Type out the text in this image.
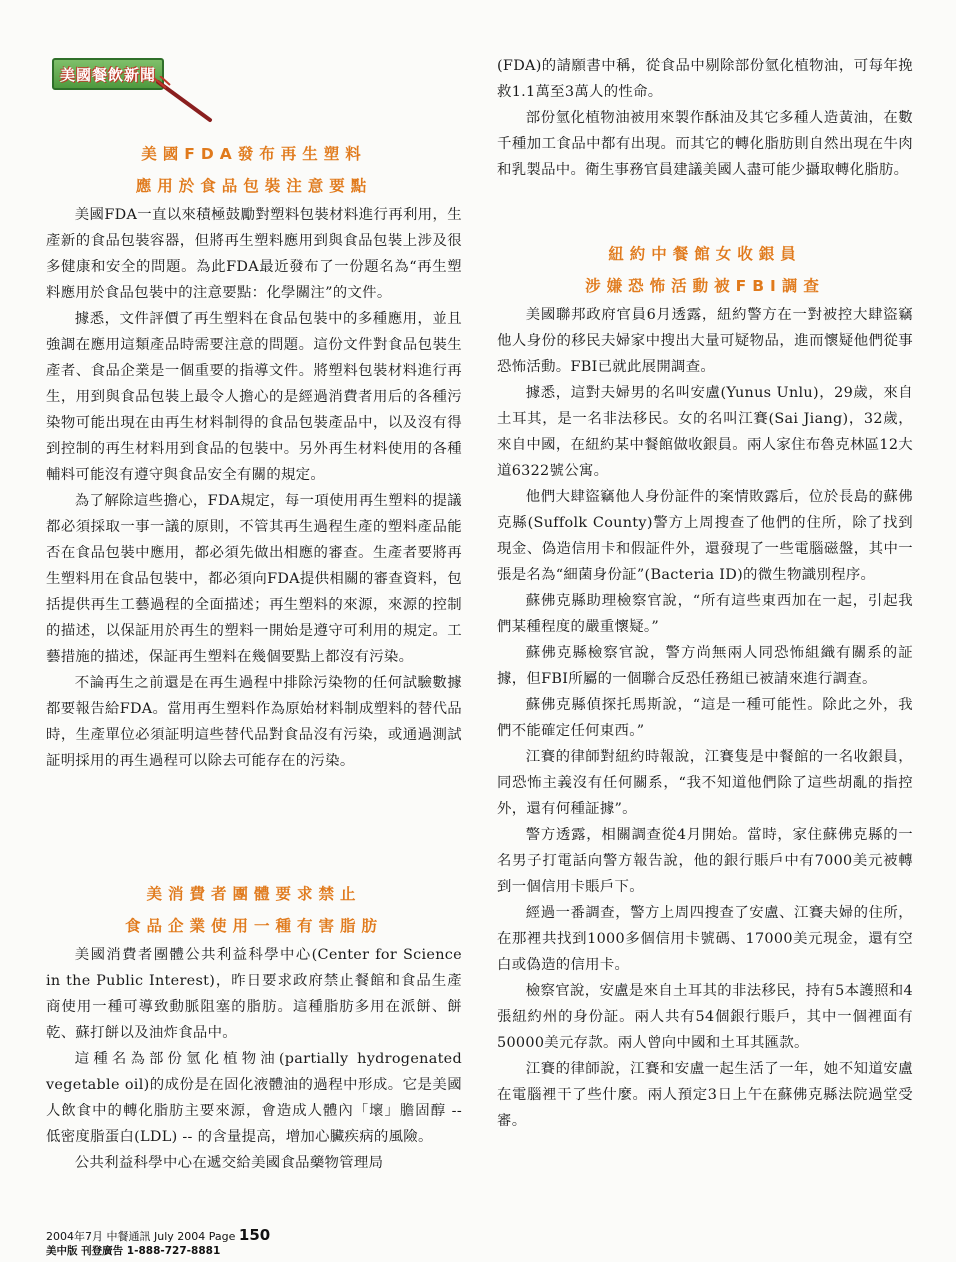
美國餐飲新聞

美國FDA發布再生塑料

應用於食品包裝注意要點

美國FDA一直以來積極鼓勵對塑料包裝材料進行再利用，生產新的食品包裝容器，但將再生塑料應用到與食品包裝上涉及很多健康和安全的問題。為此FDA最近發布了一份題名為“再生塑料應用於食品包裝中的注意要點：化學關注”的文件。

據悉，文件評價了再生塑料在食品包裝中的多種應用，並且強調在應用這類產品時需要注意的問題。這份文件對食品包裝生產者、食品企業是一個重要的指導文件。將塑料包裝材料進行再生，用到與食品包裝上最令人擔心的是經過消費者用后的各種污染物可能出現在由再生材料制得的食品包裝產品中，以及沒有得到控制的再生材料用到食品的包裝中。另外再生材料使用的各種輔料可能沒有遵守與食品安全有關的規定。

為了解除這些擔心，FDA規定，每一項使用再生塑料的提議都必須採取一事一議的原則，不管其再生過程生產的塑料產品能否在食品包裝中應用，都必須先做出相應的審查。生產者要將再生塑料用在食品包裝中，都必須向FDA提供相關的審查資料，包括提供再生工藝過程的全面描述；再生塑料的來源，來源的控制的描述，以保証用於再生的塑料一開始是遵守可利用的規定。工藝措施的描述，保証再生塑料在幾個要點上都沒有污染。

不論再生之前還是在再生過程中排除污染物的任何試驗數據都要報告給FDA。當用再生塑料作為原始材料制成塑料的替代品時，生產單位必須証明這些替代品對食品沒有污染，或通過測試証明採用的再生過程可以除去可能存在的污染。

美消費者團體要求禁止

食品企業使用一種有害脂肪

美國消費者團體公共利益科學中心(Center for Science in the Public Interest)，昨日要求政府禁止餐館和食品生產商使用一種可導致動脈阻塞的脂肪。這種脂肪多用在派餅、餅乾、蘇打餅以及油炸食品中。

這種名為部份氫化植物油(partially hydrogenated vegetable oil)的成份是在固化液體油的過程中形成。它是美國人飲食中的轉化脂肪主要來源，會造成人體內「壞」膽固醇 -- 低密度脂蛋白(LDL) -- 的含量提高，增加心臟疾病的風險。

公共利益科學中心在遞交給美國食品藥物管理局

(FDA)的請願書中稱，從食品中剔除部份氫化植物油，可每年挽救1.1萬至3萬人的性命。

部份氫化植物油被用來製作酥油及其它多種人造黃油，在數千種加工食品中都有出現。而其它的轉化脂肪則自然出現在牛肉和乳製品中。衛生事務官員建議美國人盡可能少攝取轉化脂肪。

紐約中餐館女收銀員

涉嫌恐怖活動被FBI調查

美國聯邦政府官員6月透露，紐約警方在一對被控大肆盜竊他人身份的移民夫婦家中搜出大量可疑物品，進而懷疑他們從事恐怖活動。FBI已就此展開調查。

據悉，這對夫婦男的名叫安盧(Yunus Unlu)，29歲，來自土耳其，是一名非法移民。女的名叫江賽(Sai Jiang)，32歲，來自中國，在紐約某中餐館做收銀員。兩人家住布魯克林區12大道6322號公寓。

他們大肆盜竊他人身份証件的案情敗露后，位於長島的蘇佛克縣(Suffolk County)警方上周搜查了他們的住所，除了找到現金、偽造信用卡和假証件外，還發現了一些電腦磁盤，其中一張是名為“細菌身份証”(Bacteria ID)的微生物識別程序。

蘇佛克縣助理檢察官說，“所有這些東西加在一起，引起我們某種程度的嚴重懷疑。”

蘇佛克縣檢察官說，警方尚無兩人同恐怖組織有關系的証據，但FBI所屬的一個聯合反恐任務組已被請來進行調查。

蘇佛克縣偵探托馬斯說，“這是一種可能性。除此之外，我們不能確定任何東西。”

江賽的律師對紐約時報說，江賽隻是中餐館的一名收銀員，同恐怖主義沒有任何關系，“我不知道他們除了這些胡亂的指控外，還有何種証據”。

警方透露，相關調查從4月開始。當時，家住蘇佛克縣的一名男子打電話向警方報告說，他的銀行賬戶中有7000美元被轉到一個信用卡賬戶下。

經過一番調查，警方上周四搜查了安盧、江賽夫婦的住所，在那裡共找到1000多個信用卡號碼、17000美元現金，還有空白或偽造的信用卡。

檢察官說，安盧是來自土耳其的非法移民，持有5本護照和4張紐約州的身份証。兩人共有54個銀行賬戶，其中一個裡面有50000美元存款。兩人曾向中國和土耳其匯款。

江賽的律師說，江賽和安盧一起生活了一年，她不知道安盧在電腦裡干了些什麼。兩人預定3日上午在蘇佛克縣法院過堂受審。

2004年7月 中餐通訊 July 2004 Page 150
美中版 刊登廣告 1-888-727-8881
